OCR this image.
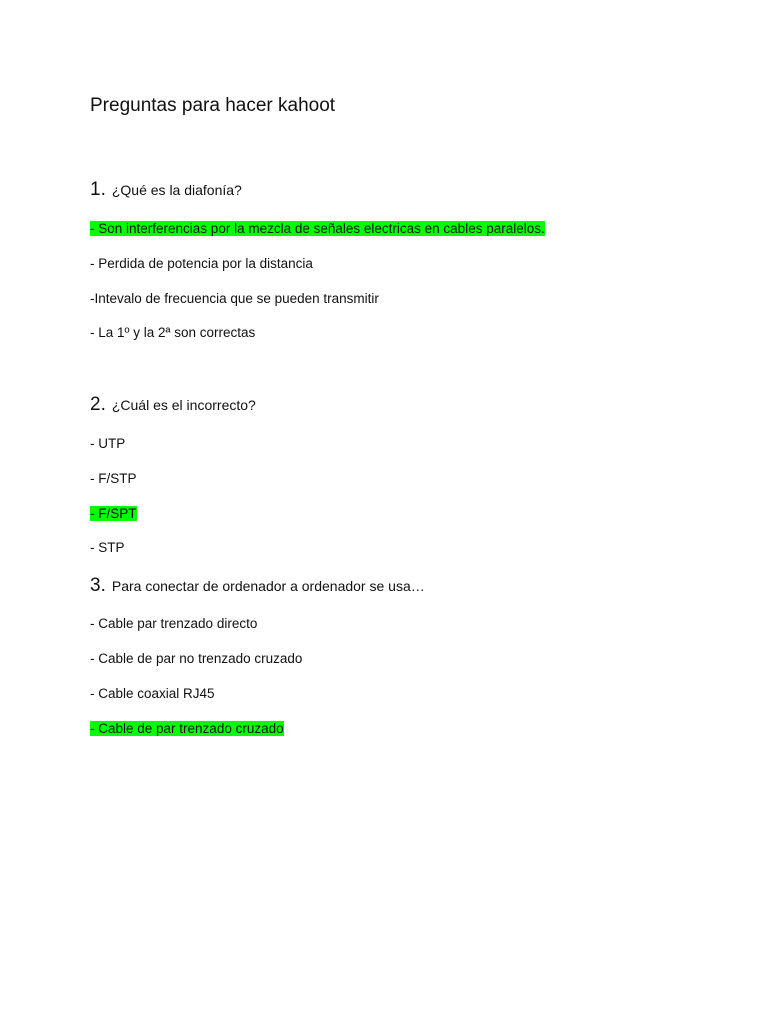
Preguntas para hacer kahoot
1. ¿Qué es la diafonía?
- Son interferencias por la mezcla de señales electricas en cables paralelos.
- Perdida de potencia por la distancia
-Intevalo de frecuencia que se pueden transmitir
- La 1º y la 2ª son correctas
2. ¿Cuál es el incorrecto?
- UTP
- F/STP
- F/SPT
- STP
3. Para conectar de ordenador a ordenador se usa…
- Cable par trenzado directo
- Cable de par no trenzado cruzado
- Cable coaxial RJ45
- Cable de par trenzado cruzado
